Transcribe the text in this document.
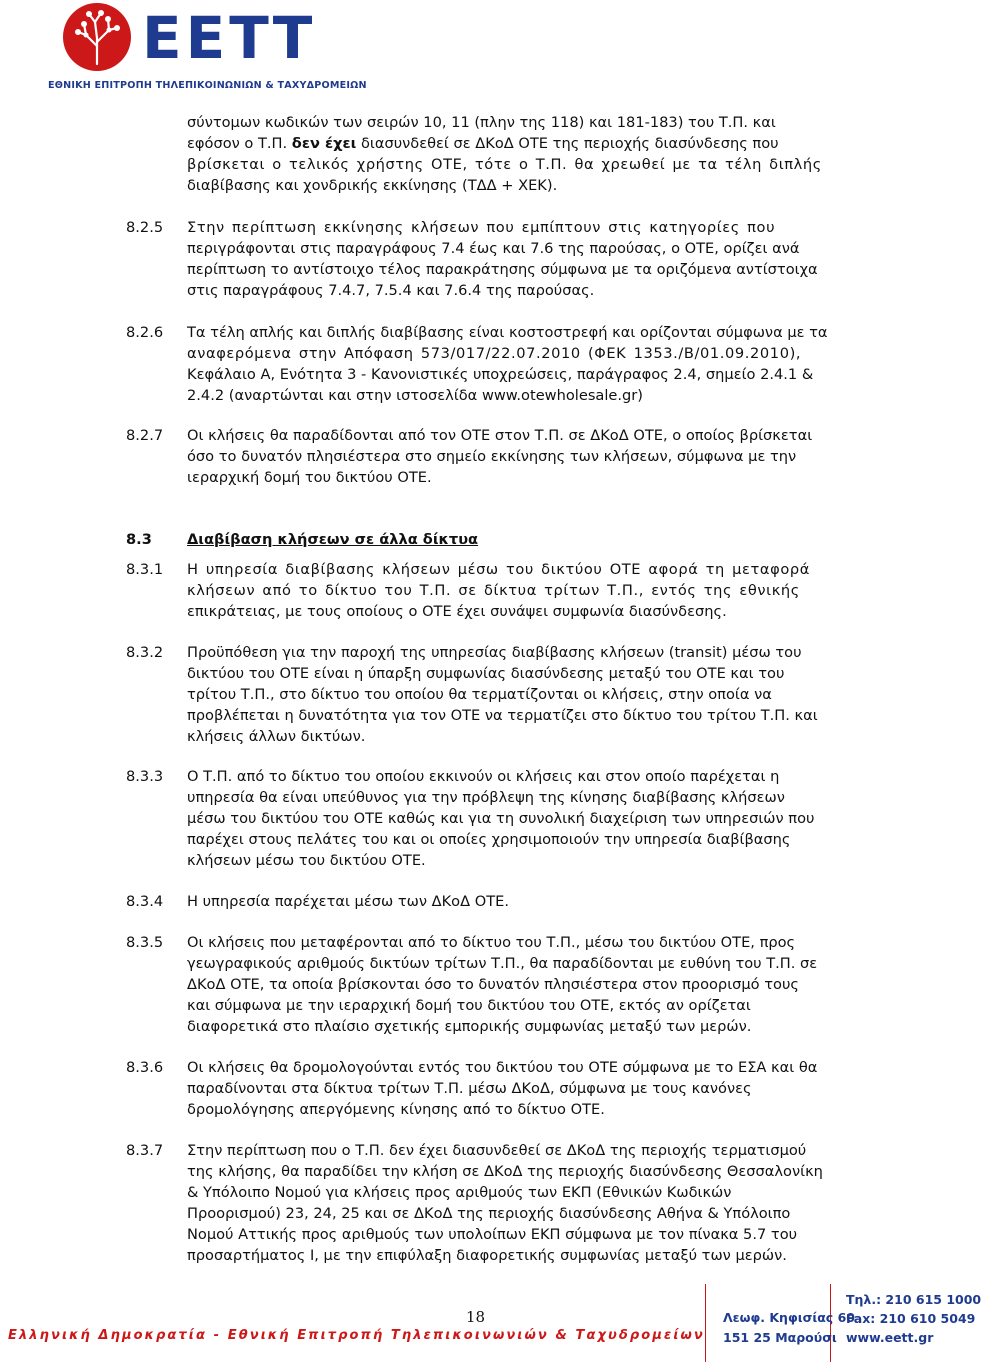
ΕΕΤΤ
ΕΘΝΙΚΗ ΕΠΙΤΡΟΠΗ ΤΗΛΕΠΙΚΟΙΝΩΝΙΩΝ & ΤΑΧΥΔΡΟΜΕΙΩΝ
σύντομων κωδικών των σειρών 10, 11 (πλην της 118) και 181-183) του Τ.Π. και
εφόσον ο Τ.Π. δεν έχει διασυνδεθεί σε ΔΚοΔ ΟΤΕ της περιοχής διασύνδεσης που
βρίσκεται ο τελικός χρήστης ΟΤΕ, τότε ο Τ.Π. θα χρεωθεί με τα τέλη διπλής
διαβίβασης και χονδρικής εκκίνησης (ΤΔΔ + ΧΕΚ).
8.2.5 Στην περίπτωση εκκίνησης κλήσεων που εμπίπτουν στις κατηγορίες που
περιγράφονται στις παραγράφους 7.4 έως και 7.6 της παρούσας, ο ΟΤΕ, ορίζει ανά
περίπτωση το αντίστοιχο τέλος παρακράτησης σύμφωνα με τα οριζόμενα αντίστοιχα
στις παραγράφους 7.4.7, 7.5.4 και 7.6.4 της παρούσας.
8.2.6 Τα τέλη απλής και διπλής διαβίβασης είναι κοστοστρεφή και ορίζονται σύμφωνα με τα
αναφερόμενα στην Απόφαση 573/017/22.07.2010 (ΦΕΚ 1353./Β/01.09.2010),
Κεφάλαιο Α, Ενότητα 3 - Κανονιστικές υποχρεώσεις, παράγραφος 2.4, σημείο 2.4.1 &
2.4.2 (αναρτώνται και στην ιστοσελίδα www.otewholesale.gr)
8.2.7 Οι κλήσεις θα παραδίδονται από τον ΟΤΕ στον Τ.Π. σε ΔΚοΔ ΟΤΕ, ο οποίος βρίσκεται
όσο το δυνατόν πλησιέστερα στο σημείο εκκίνησης των κλήσεων, σύμφωνα με την
ιεραρχική δομή του δικτύου ΟΤΕ.
8.3 Διαβίβαση κλήσεων σε άλλα δίκτυα
8.3.1 Η υπηρεσία διαβίβασης κλήσεων μέσω του δικτύου ΟΤΕ αφορά τη μεταφορά
κλήσεων από το δίκτυο του Τ.Π. σε δίκτυα τρίτων Τ.Π., εντός της εθνικής
επικράτειας, με τους οποίους ο ΟΤΕ έχει συνάψει συμφωνία διασύνδεσης.
8.3.2 Προϋπόθεση για την παροχή της υπηρεσίας διαβίβασης κλήσεων (transit) μέσω του
δικτύου του ΟΤΕ είναι η ύπαρξη συμφωνίας διασύνδεσης μεταξύ του ΟΤΕ και του
τρίτου Τ.Π., στο δίκτυο του οποίου θα τερματίζονται οι κλήσεις, στην οποία να
προβλέπεται η δυνατότητα για τον ΟΤΕ να τερματίζει στο δίκτυο του τρίτου Τ.Π. και
κλήσεις άλλων δικτύων.
8.3.3 Ο Τ.Π. από το δίκτυο του οποίου εκκινούν οι κλήσεις και στον οποίο παρέχεται η
υπηρεσία θα είναι υπεύθυνος για την πρόβλεψη της κίνησης διαβίβασης κλήσεων
μέσω του δικτύου του ΟΤΕ καθώς και για τη συνολική διαχείριση των υπηρεσιών που
παρέχει στους πελάτες του και οι οποίες χρησιμοποιούν την υπηρεσία διαβίβασης
κλήσεων μέσω του δικτύου ΟΤΕ.
8.3.4 Η υπηρεσία παρέχεται μέσω των ΔΚοΔ ΟΤΕ.
8.3.5 Οι κλήσεις που μεταφέρονται από το δίκτυο του Τ.Π., μέσω του δικτύου ΟΤΕ, προς
γεωγραφικούς αριθμούς δικτύων τρίτων Τ.Π., θα παραδίδονται με ευθύνη του Τ.Π. σε
ΔΚοΔ ΟΤΕ, τα οποία βρίσκονται όσο το δυνατόν πλησιέστερα στον προορισμό τους
και σύμφωνα με την ιεραρχική δομή του δικτύου του ΟΤΕ, εκτός αν ορίζεται
διαφορετικά στο πλαίσιο σχετικής εμπορικής συμφωνίας μεταξύ των μερών.
8.3.6 Οι κλήσεις θα δρομολογούνται εντός του δικτύου του ΟΤΕ σύμφωνα με το ΕΣΑ και θα
παραδίνονται στα δίκτυα τρίτων Τ.Π. μέσω ΔΚοΔ, σύμφωνα με τους κανόνες
δρομολόγησης απεργόμενης κίνησης από το δίκτυο ΟΤΕ.
8.3.7 Στην περίπτωση που ο Τ.Π. δεν έχει διασυνδεθεί σε ΔΚοΔ της περιοχής τερματισμού
της κλήσης, θα παραδίδει την κλήση σε ΔΚοΔ της περιοχής διασύνδεσης Θεσσαλονίκη
& Υπόλοιπο Νομού για κλήσεις προς αριθμούς των ΕΚΠ (Εθνικών Κωδικών
Προορισμού) 23, 24, 25 και σε ΔΚοΔ της περιοχής διασύνδεσης Αθήνα & Υπόλοιπο
Νομού Αττικής προς αριθμούς των υπολοίπων ΕΚΠ σύμφωνα με τον πίνακα 5.7 του
προσαρτήματος Ι, με την επιφύλαξη διαφορετικής συμφωνίας μεταξύ των μερών.
18
Ελληνική Δημοκρατία - Εθνική Επιτροπή Τηλεπικοινωνιών & Ταχυδρομείων
Λεωφ. Κηφισίας 60
151 25 Μαρούσι
Τηλ.: 210 615 1000
Fax: 210 610 5049
www.eett.gr
